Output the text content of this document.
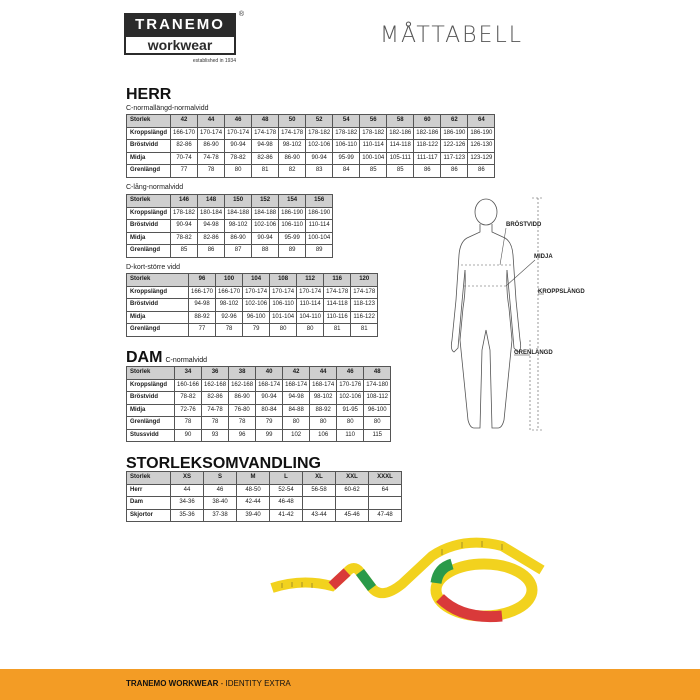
TRANEMO
workwear
®
established in 1934
MÅTTABELL
HERR
C-normallängd-normalvidd
Storlek	42	44	46	48	50	52	54	56	58	60	62	64
Kroppslängd	166-170	170-174	170-174	174-178	174-178	178-182	178-182	178-182	182-186	182-186	186-190	186-190
Bröstvidd	82-86	86-90	90-94	94-98	98-102	102-106	106-110	110-114	114-118	118-122	122-126	126-130
Midja	70-74	74-78	78-82	82-86	86-90	90-94	95-99	100-104	105-111	111-117	117-123	123-129
Grenlängd	77	78	80	81	82	83	84	85	85	86	86	86
C-lång-normalvidd
Storlek	146	148	150	152	154	156
Kroppslängd	178-182	180-184	184-188	184-188	186-190	186-190
Bröstvidd	90-94	94-98	98-102	102-106	106-110	110-114
Midja	78-82	82-86	86-90	90-94	95-99	100-104
Grenlängd	85	86	87	88	89	89
D-kort-större vidd
Storlek	96	100	104	108	112	116	120
Kroppslängd	166-170	166-170	170-174	170-174	170-174	174-178	174-178
Bröstvidd	94-98	98-102	102-106	106-110	110-114	114-118	118-123
Midja	88-92	92-96	96-100	101-104	104-110	110-116	116-122
Grenlängd	77	78	79	80	80	81	81
DAM C-normalvidd
Storlek	34	36	38	40	42	44	46	48
Kroppslängd	160-166	162-168	162-168	168-174	168-174	168-174	170-176	174-180
Bröstvidd	78-82	82-86	86-90	90-94	94-98	98-102	102-106	108-112
Midja	72-76	74-78	76-80	80-84	84-88	88-92	91-95	96-100
Grenlängd	78	78	78	79	80	80	80	80
Stussvidd	90	93	96	99	102	106	110	115
STORLEKSOMVANDLING
Storlek	XS	S	M	L	XL	XXL	XXXL
Herr	44	46	48-50	52-54	56-58	60-62	64
Dam	34-36	38-40	42-44	46-48			
Skjortor	35-36	37-38	39-40	41-42	43-44	45-46	47-48
BRÖSTVIDD
MIDJA
KROPPSLÄNGD
GRENLÄNGD
TRANEMO WORKWEAR - IDENTITY EXTRA
